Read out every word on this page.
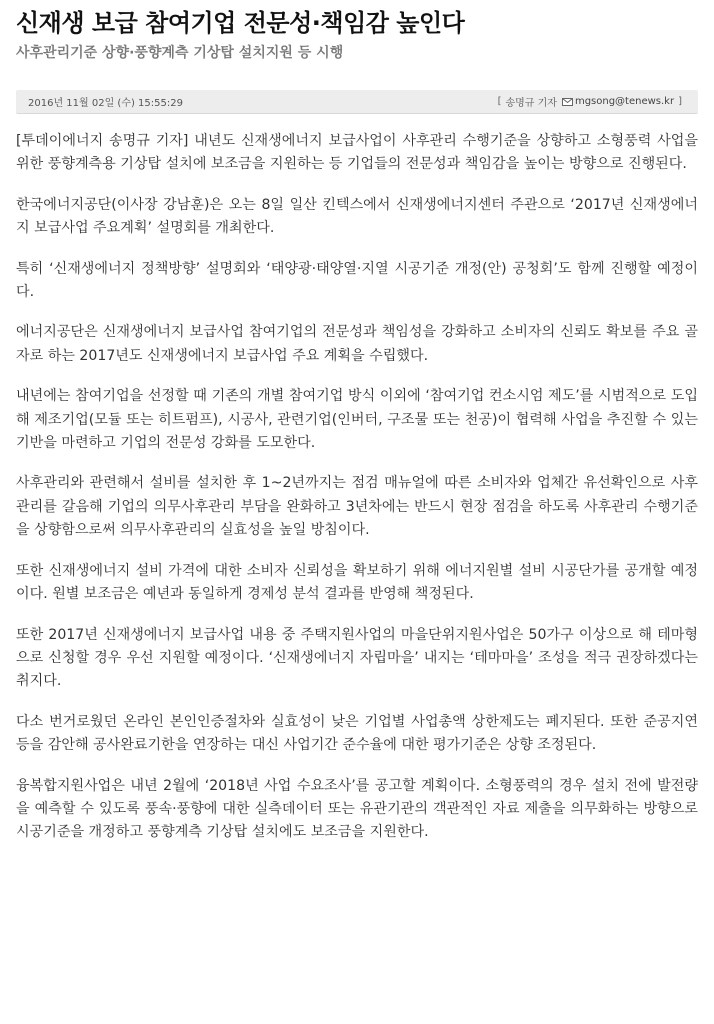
신재생 보급 참여기업 전문성·책임감 높인다
사후관리기준 상향·풍향계측 기상탑 설치지원 등 시행
2016년 11월 02일 (수) 15:55:29	[ 송명규 기자 mgsong@tenews.kr ]

[투데이에너지 송명규 기자] 내년도 신재생에너지 보급사업이 사후관리 수행기준을 상향하고 소형풍력 사업을 위한 풍향계측용 기상탑 설치에 보조금을 지원하는 등 기업들의 전문성과 책임감을 높이는 방향으로 진행된다.

한국에너지공단(이사장 강남훈)은 오는 8일 일산 킨텍스에서 신재생에너지센터 주관으로 ‘2017년 신재생에너지 보급사업 주요계획’ 설명회를 개최한다.

특히 ‘신재생에너지 정책방향’ 설명회와 ‘태양광·태양열·지열 시공기준 개정(안) 공청회’도 함께 진행할 예정이다.

에너지공단은 신재생에너지 보급사업 참여기업의 전문성과 책임성을 강화하고 소비자의 신뢰도 확보를 주요 골자로 하는 2017년도 신재생에너지 보급사업 주요 계획을 수립했다.

내년에는 참여기업을 선정할 때 기존의 개별 참여기업 방식 이외에 ‘참여기업 컨소시엄 제도’를 시범적으로 도입해 제조기업(모듈 또는 히트펌프), 시공사, 관련기업(인버터, 구조물 또는 천공)이 협력해 사업을 추진할 수 있는 기반을 마련하고 기업의 전문성 강화를 도모한다.

사후관리와 관련해서 설비를 설치한 후 1~2년까지는 점검 매뉴얼에 따른 소비자와 업체간 유선확인으로 사후관리를 갈음해 기업의 의무사후관리 부담을 완화하고 3년차에는 반드시 현장 점검을 하도록 사후관리 수행기준을 상향함으로써 의무사후관리의 실효성을 높일 방침이다.

또한 신재생에너지 설비 가격에 대한 소비자 신뢰성을 확보하기 위해 에너지원별 설비 시공단가를 공개할 예정이다. 원별 보조금은 예년과 동일하게 경제성 분석 결과를 반영해 책정된다.

또한 2017년 신재생에너지 보급사업 내용 중 주택지원사업의 마을단위지원사업은 50가구 이상으로 해 테마형으로 신청할 경우 우선 지원할 예정이다. ‘신재생에너지 자립마을’ 내지는 ‘테마마을’ 조성을 적극 권장하겠다는 취지다.

다소 번거로웠던 온라인 본인인증절차와 실효성이 낮은 기업별 사업총액 상한제도는 폐지된다. 또한 준공지연 등을 감안해 공사완료기한을 연장하는 대신 사업기간 준수율에 대한 평가기준은 상향 조정된다.

융복합지원사업은 내년 2월에 ‘2018년 사업 수요조사’를 공고할 계획이다. 소형풍력의 경우 설치 전에 발전량을 예측할 수 있도록 풍속·풍향에 대한 실측데이터 또는 유관기관의 객관적인 자료 제출을 의무화하는 방향으로 시공기준을 개정하고 풍향계측 기상탑 설치에도 보조금을 지원한다.
